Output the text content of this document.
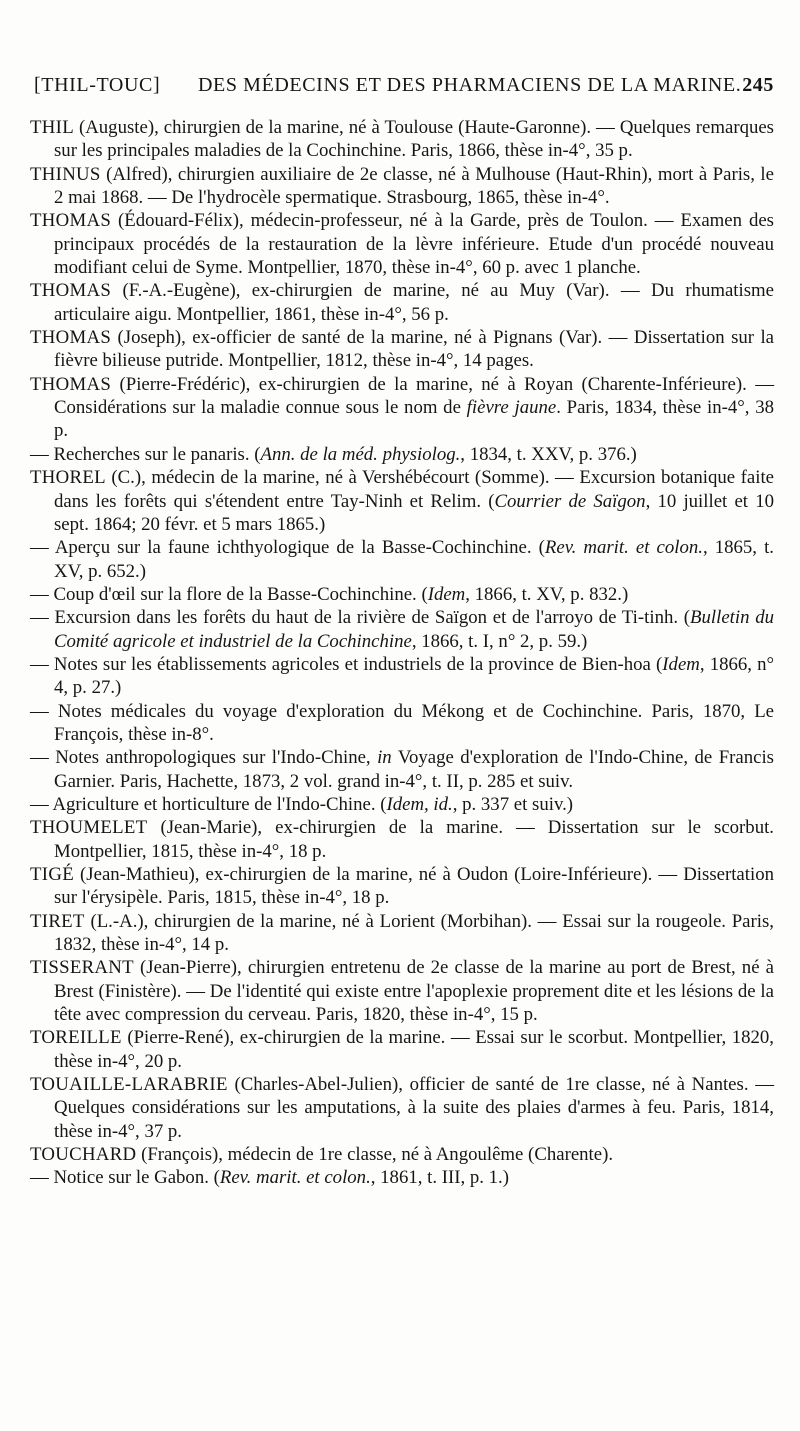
[THIL-TOUC] DES MÉDECINS ET DES PHARMACIENS DE LA MARINE. 245

THIL (Auguste), chirurgien de la marine, né à Toulouse (Haute-Garonne). — Quelques remarques sur les principales maladies de la Cochinchine. Paris, 1866, thèse in-4°, 35 p.

THINUS (Alfred), chirurgien auxiliaire de 2e classe, né à Mulhouse (Haut-Rhin), mort à Paris, le 2 mai 1868. — De l'hydrocèle spermatique. Strasbourg, 1865, thèse in-4°.

THOMAS (Édouard-Félix), médecin-professeur, né à la Garde, près de Toulon. — Examen des principaux procédés de la restauration de la lèvre inférieure. Etude d'un procédé nouveau modifiant celui de Syme. Montpellier, 1870, thèse in-4°, 60 p. avec 1 planche.

THOMAS (F.-A.-Eugène), ex-chirurgien de marine, né au Muy (Var). — Du rhumatisme articulaire aigu. Montpellier, 1861, thèse in-4°, 56 p.

THOMAS (Joseph), ex-officier de santé de la marine, né à Pignans (Var). — Dissertation sur la fièvre bilieuse putride. Montpellier, 1812, thèse in-4°, 14 pages.

THOMAS (Pierre-Frédéric), ex-chirurgien de la marine, né à Royan (Charente-Inférieure). — Considérations sur la maladie connue sous le nom de fièvre jaune. Paris, 1834, thèse in-4°, 38 p.

— Recherches sur le panaris. (Ann. de la méd. physiolog., 1834, t. XXV, p. 376.)

THOREL (C.), médecin de la marine, né à Vershébécourt (Somme). — Excursion botanique faite dans les forêts qui s'étendent entre Tay-Ninh et Relim. (Courrier de Saïgon, 10 juillet et 10 sept. 1864; 20 févr. et 5 mars 1865.)

— Aperçu sur la faune ichthyologique de la Basse-Cochinchine. (Rev. marit. et colon., 1865, t. XV, p. 652.)

— Coup d'œil sur la flore de la Basse-Cochinchine. (Idem, 1866, t. XV, p. 832.)

— Excursion dans les forêts du haut de la rivière de Saïgon et de l'arroyo de Ti-tinh. (Bulletin du Comité agricole et industriel de la Cochinchine, 1866, t. I, n° 2, p. 59.)

— Notes sur les établissements agricoles et industriels de la province de Bien-hoa (Idem, 1866, n° 4, p. 27.)

— Notes médicales du voyage d'exploration du Mékong et de Cochinchine. Paris, 1870, Le François, thèse in-8°.

— Notes anthropologiques sur l'Indo-Chine, in Voyage d'exploration de l'Indo-Chine, de Francis Garnier. Paris, Hachette, 1873, 2 vol. grand in-4°, t. II, p. 285 et suiv.

— Agriculture et horticulture de l'Indo-Chine. (Idem, id., p. 337 et suiv.)

THOUMELET (Jean-Marie), ex-chirurgien de la marine. — Dissertation sur le scorbut. Montpellier, 1815, thèse in-4°, 18 p.

TIGÉ (Jean-Mathieu), ex-chirurgien de la marine, né à Oudon (Loire-Inférieure). — Dissertation sur l'érysipèle. Paris, 1815, thèse in-4°, 18 p.

TIRET (L.-A.), chirurgien de la marine, né à Lorient (Morbihan). — Essai sur la rougeole. Paris, 1832, thèse in-4°, 14 p.

TISSERANT (Jean-Pierre), chirurgien entretenu de 2e classe de la marine au port de Brest, né à Brest (Finistère). — De l'identité qui existe entre l'apoplexie proprement dite et les lésions de la tête avec compression du cerveau. Paris, 1820, thèse in-4°, 15 p.

TOREILLE (Pierre-René), ex-chirurgien de la marine. — Essai sur le scorbut. Montpellier, 1820, thèse in-4°, 20 p.

TOUAILLE-LARABRIE (Charles-Abel-Julien), officier de santé de 1re classe, né à Nantes. — Quelques considérations sur les amputations, à la suite des plaies d'armes à feu. Paris, 1814, thèse in-4°, 37 p.

TOUCHARD (François), médecin de 1re classe, né à Angoulême (Charente).

— Notice sur le Gabon. (Rev. marit. et colon., 1861, t. III, p. 1.)
